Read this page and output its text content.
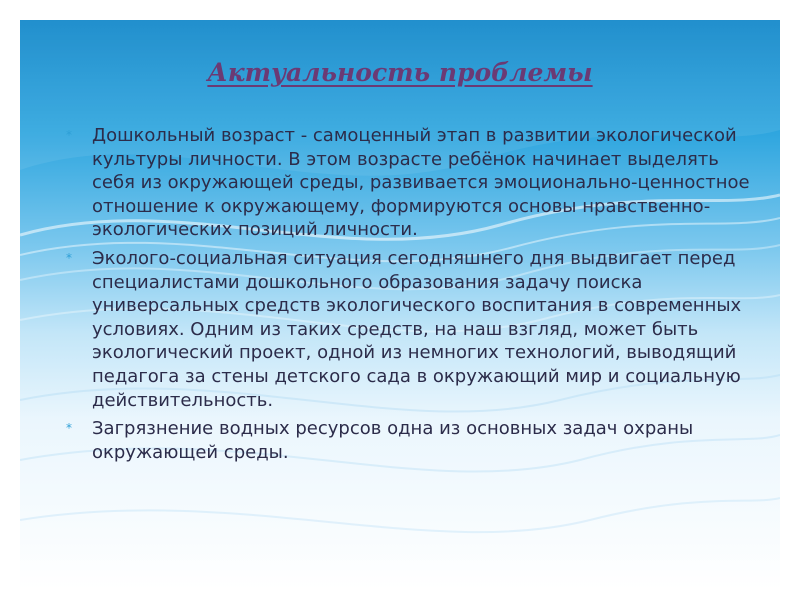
Актуальность проблемы
* Дошкольный возраст - самоценный этап в развитии экологической культуры личности. В этом возрасте ребёнок начинает выделять себя из окружающей среды, развивается эмоционально-ценностное отношение к окружающему, формируются основы нравственно-экологических позиций личности.
* Эколого-социальная ситуация сегодняшнего дня выдвигает перед специалистами дошкольного образования задачу поиска универсальных средств экологического воспитания в современных условиях. Одним из таких средств, на наш взгляд, может быть экологический проект, одной из немногих технологий, выводящий педагога за стены детского сада в окружающий мир и социальную действительность.
* Загрязнение водных ресурсов одна из основных задач охраны окружающей среды.
